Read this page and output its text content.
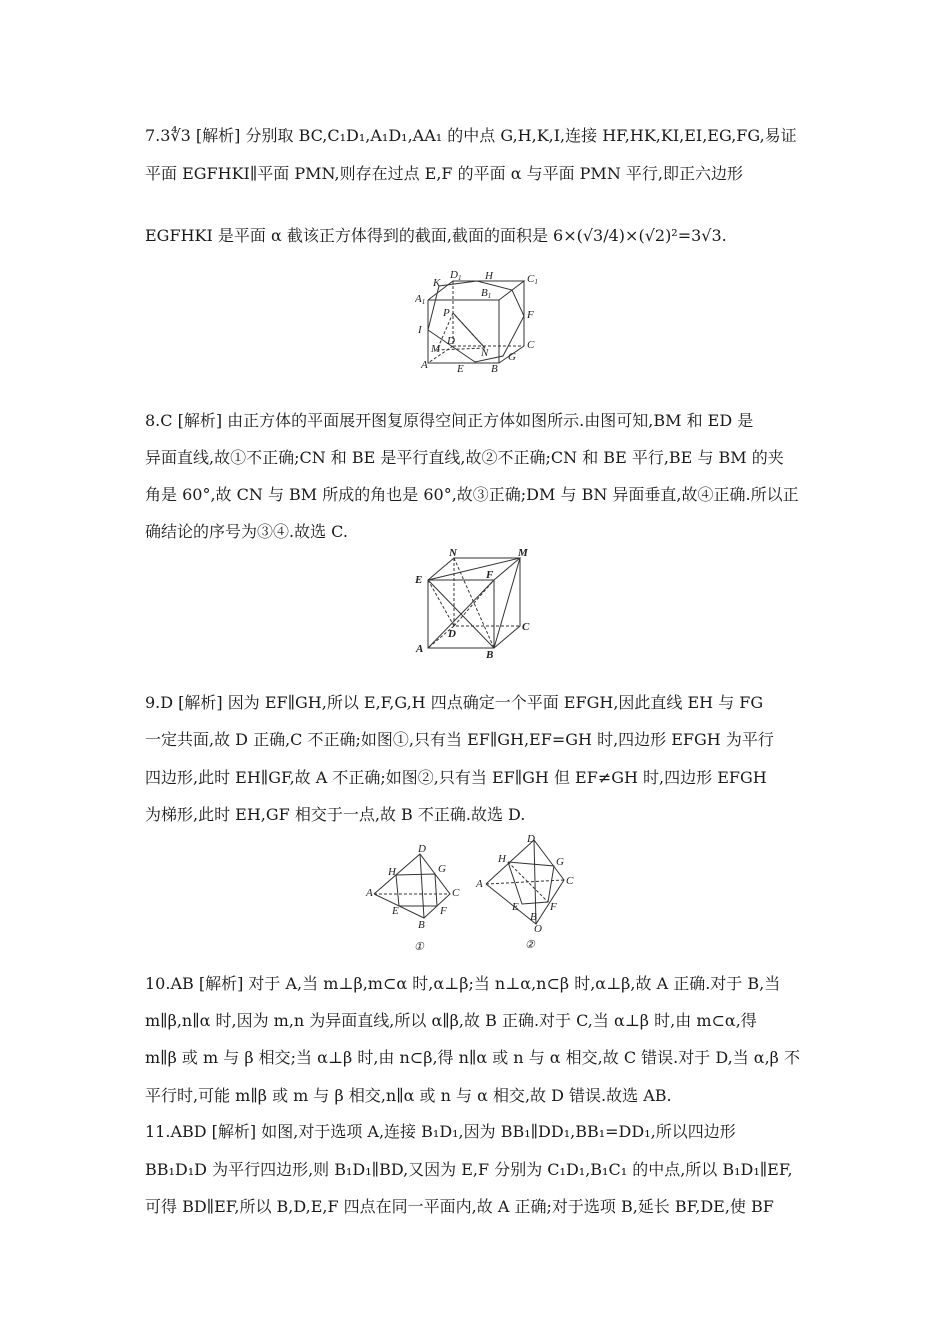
7.3∜3 [解析] 分别取 BC,C₁D₁,A₁D₁,AA₁ 的中点 G,H,K,I,连接 HF,HK,KI,EI,EG,FG,易证
平面 EGFHKI∥平面 PMN,则存在过点 E,F 的平面 α 与平面 PMN 平行,即正六边形
EGFHKI 是平面 α 截该正方体得到的截面,截面的面积是 6×(√3/4)×(√2)²=3√3.
D1 H	C1
K
B1
A1
P	F
I
D
M	N
C
G
A	E B
8.C [解析] 由正方体的平面展开图复原得空间正方体如图所示.由图可知,BM 和 ED 是
异面直线,故①不正确;CN 和 BE 是平行直线,故②不正确;CN 和 BE 平行,BE 与 BM 的夹
角是 60°,故 CN 与 BM 所成的角也是 60°,故③正确;DM 与 BN 异面垂直,故④正确.所以正
确结论的序号为③④.故选 C.
N	M
E	F
D
C
A	B
9.D [解析] 因为 EF∥GH,所以 E,F,G,H 四点确定一个平面 EFGH,因此直线 EH 与 FG
一定共面,故 D 正确,C 不正确;如图①,只有当 EF∥GH,EF=GH 时,四边形 EFGH 为平行
四边形,此时 EH∥GF,故 A 不正确;如图②,只有当 EF∥GH 但 EF≠GH 时,四边形 EFGH
为梯形,此时 EH,GF 相交于一点,故 B 不正确.故选 D.
D
H	G
A	C
E	F
B
D
H	G
A	C
E	F
O
B
①	②
10.AB [解析] 对于 A,当 m⊥β,m⊂α 时,α⊥β;当 n⊥α,n⊂β 时,α⊥β,故 A 正确.对于 B,当
m∥β,n∥α 时,因为 m,n 为异面直线,所以 α∥β,故 B 正确.对于 C,当 α⊥β 时,由 m⊂α,得
m∥β 或 m 与 β 相交;当 α⊥β 时,由 n⊂β,得 n∥α 或 n 与 α 相交,故 C 错误.对于 D,当 α,β 不
平行时,可能 m∥β 或 m 与 β 相交,n∥α 或 n 与 α 相交,故 D 错误.故选 AB.
11.ABD [解析] 如图,对于选项 A,连接 B₁D₁,因为 BB₁∥DD₁,BB₁=DD₁,所以四边形
BB₁D₁D 为平行四边形,则 B₁D₁∥BD,又因为 E,F 分别为 C₁D₁,B₁C₁ 的中点,所以 B₁D₁∥EF,
可得 BD∥EF,所以 B,D,E,F 四点在同一平面内,故 A 正确;对于选项 B,延长 BF,DE,使 BF
